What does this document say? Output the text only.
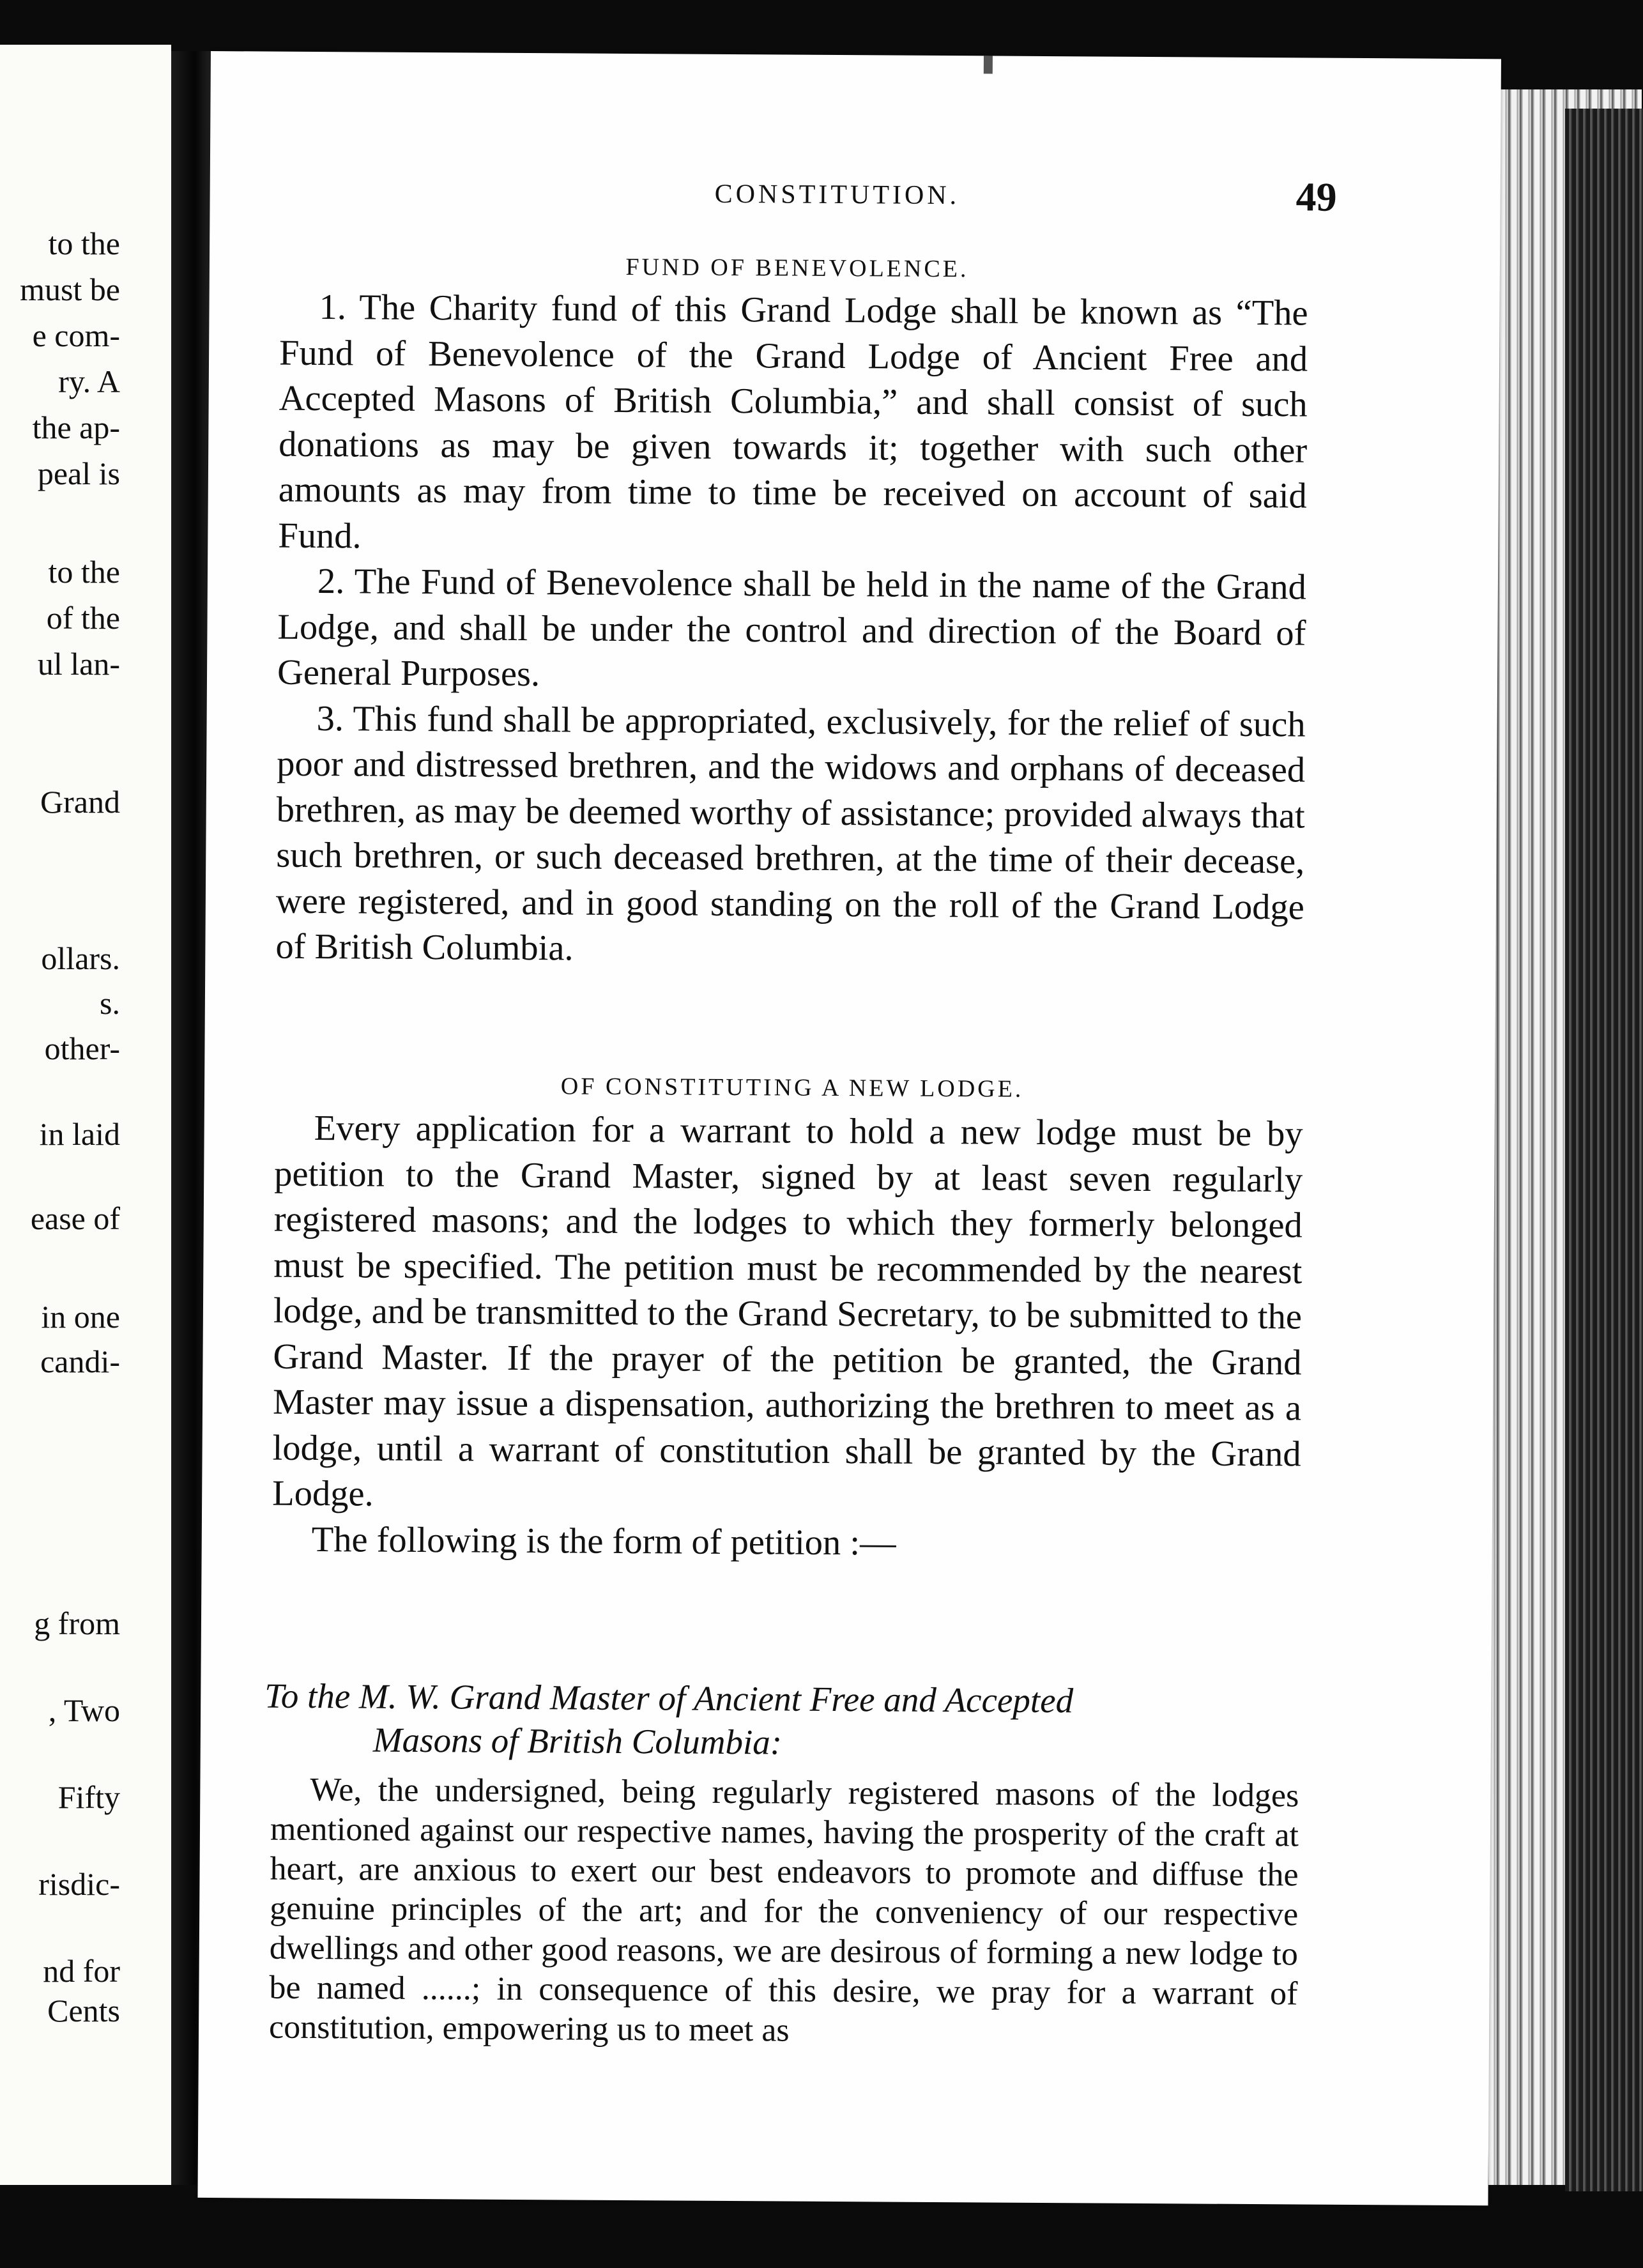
to the
must be
e com-
ry. A
the ap-
peal is
to the
of the
ul lan-
Grand
ollars.
s.
other-
in laid
ease of
in one
candi-
g from
, Two
Fifty
risdic-
nd for
Cents
CONSTITUTION.	49
FUND OF BENEVOLENCE.

1. The Charity fund of this Grand Lodge shall be known as “The Fund of Benevolence of the Grand Lodge of Ancient Free and Accepted Masons of British Columbia,” and shall consist of such donations as may be given towards it; together with such other amounts as may from time to time be received on account of said Fund.

2. The Fund of Benevolence shall be held in the name of the Grand Lodge, and shall be under the control and direction of the Board of General Purposes.

3. This fund shall be appropriated, exclusively, for the relief of such poor and distressed brethren, and the widows and orphans of deceased brethren, as may be deemed worthy of assistance; provided always that such brethren, or such deceased brethren, at the time of their decease, were registered, and in good standing on the roll of the Grand Lodge of British Columbia.

OF CONSTITUTING A NEW LODGE.

Every application for a warrant to hold a new lodge must be by petition to the Grand Master, signed by at least seven regularly registered masons; and the lodges to which they formerly belonged must be specified. The petition must be recommended by the nearest lodge, and be transmitted to the Grand Secretary, to be submitted to the Grand Master. If the prayer of the petition be granted, the Grand Master may issue a dispensation, authorizing the brethren to meet as a lodge, until a warrant of constitution shall be granted by the Grand Lodge.

The following is the form of petition :—

To the M. W. Grand Master of Ancient Free and Accepted
Masons of British Columbia:

We, the undersigned, being regularly registered masons of the lodges mentioned against our respective names, having the prosperity of the craft at heart, are anxious to exert our best endeavors to promote and diffuse the genuine principles of the art; and for the conveniency of our respective dwellings and other good reasons, we are desirous of forming a new lodge to be named ......; in consequence of this desire, we pray for a warrant of constitution, empowering us to meet as
